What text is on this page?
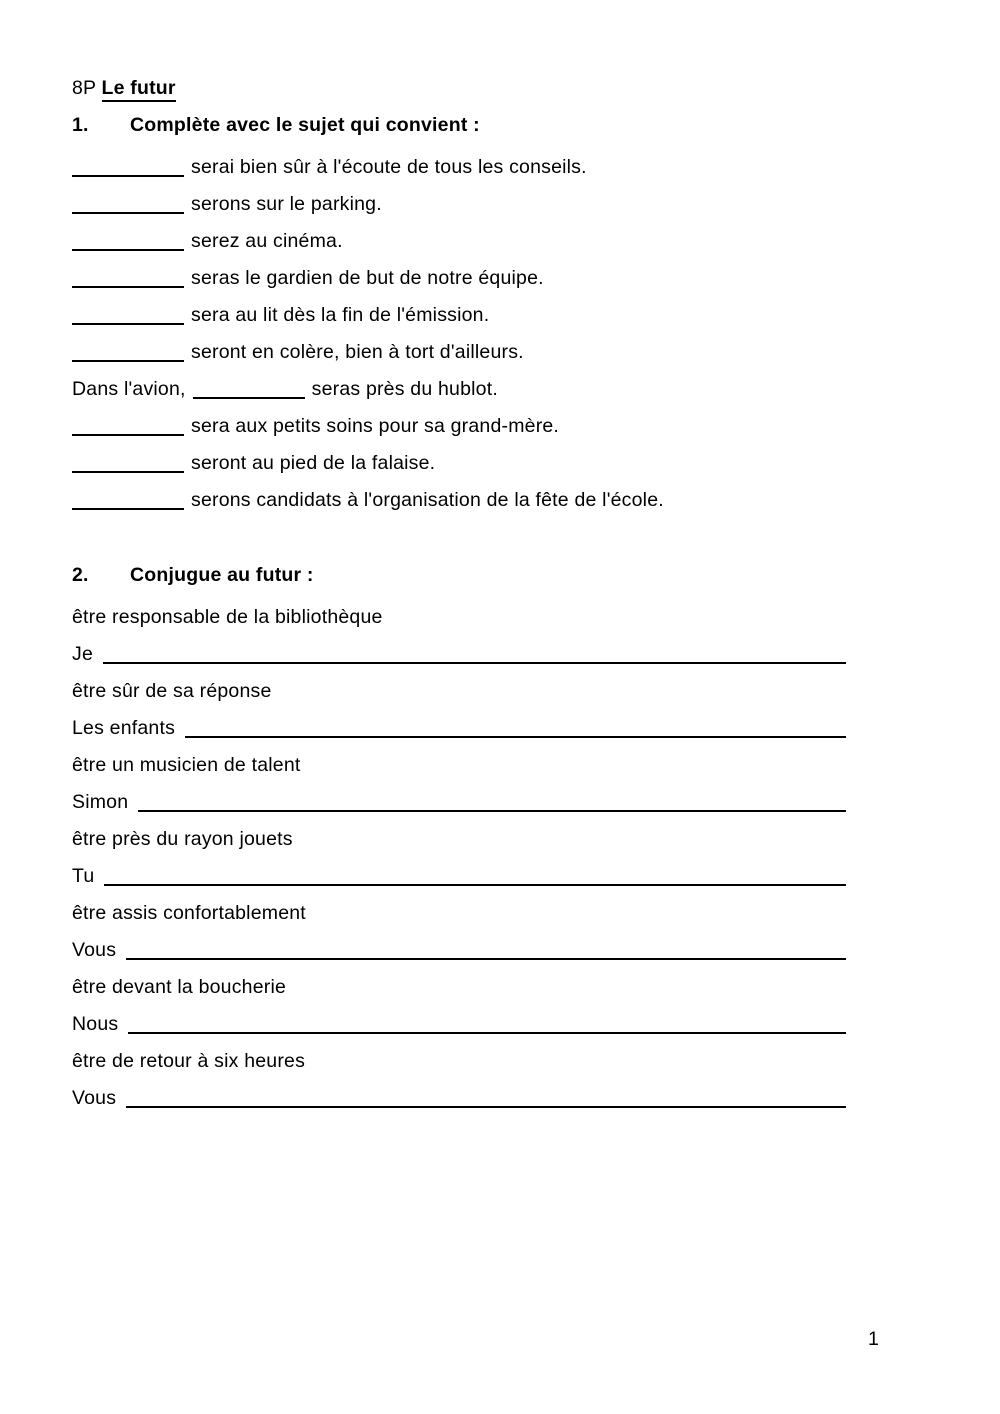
8P Le futur
1.	Complète avec le sujet qui convient :
serai bien sûr à l'écoute de tous les conseils.
serons sur le parking.
serez au cinéma.
seras le gardien de but de notre équipe.
sera au lit dès la fin de l'émission.
seront en colère, bien à tort d'ailleurs.
Dans l'avion,	seras près du hublot.
sera aux petits soins pour sa grand-mère.
seront au pied de la falaise.
serons candidats à l'organisation de la fête de l'école.
2.	Conjugue au futur :
être responsable de la bibliothèque
Je
être sûr de sa réponse
Les enfants
être un musicien de talent
Simon
être près du rayon jouets
Tu
être assis confortablement
Vous
être devant la boucherie
Nous
être de retour à six heures
Vous
1
